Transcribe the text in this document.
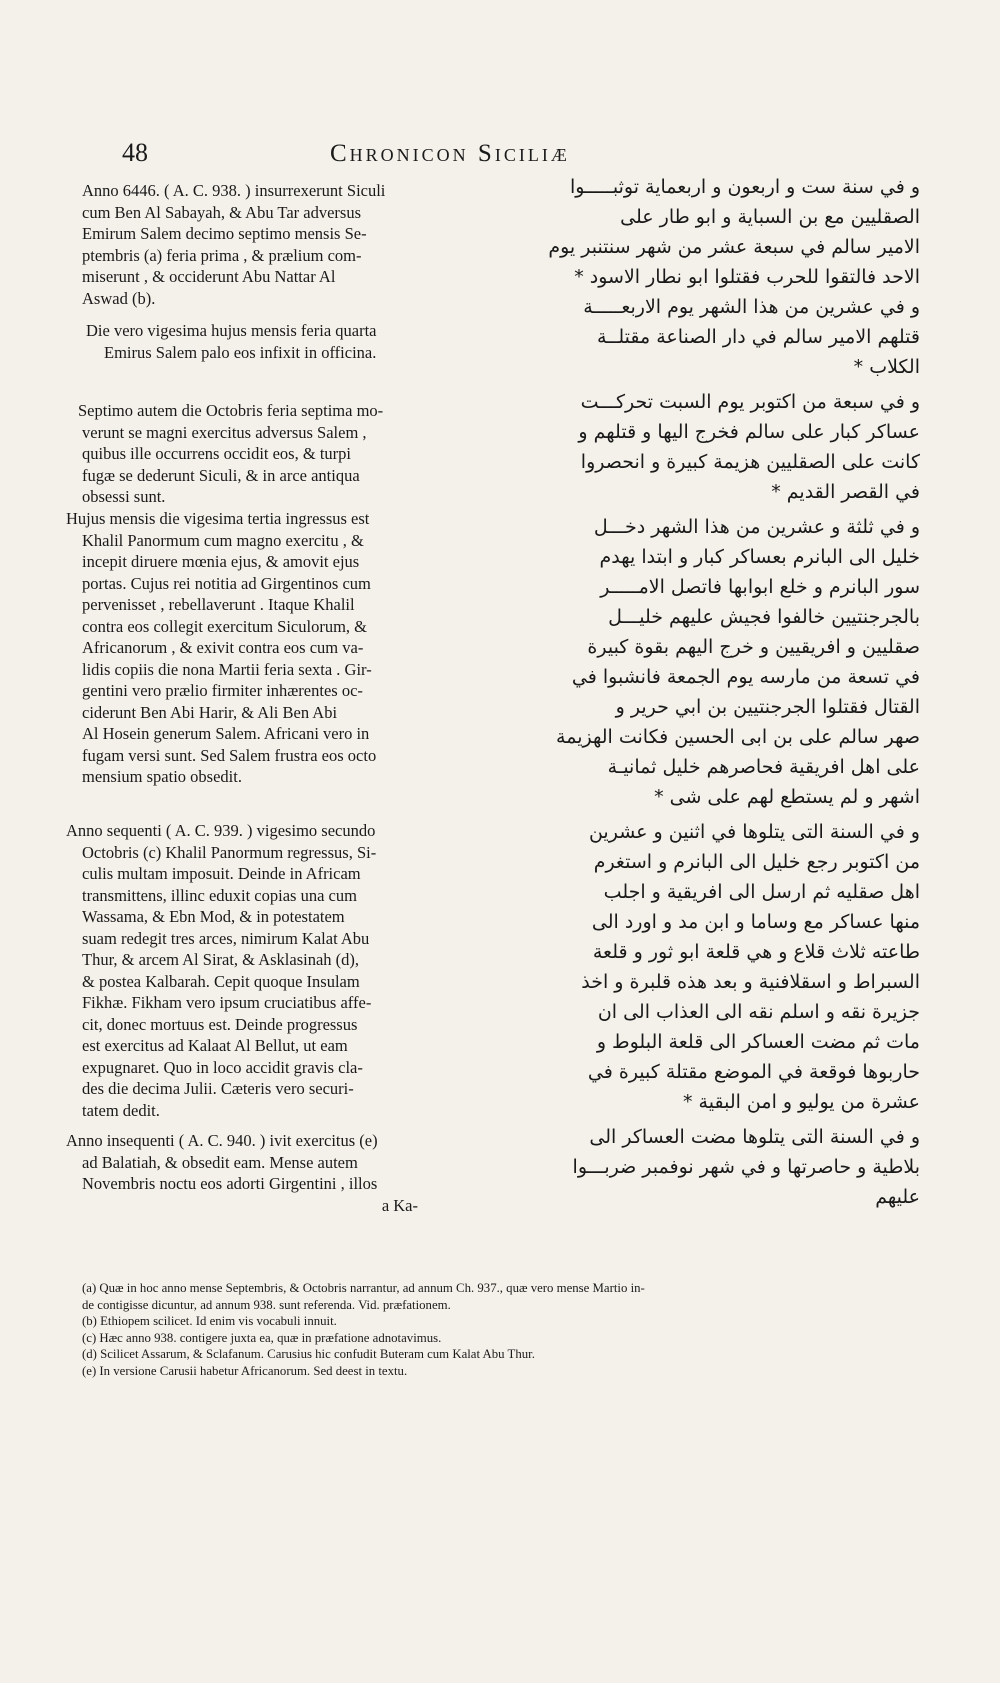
48	Chronicon Siciliæ
Anno 6446. ( A. C. 938. ) insurrexerunt Siculi
cum Ben Al Sabayah, & Abu Tar adversus
Emirum Salem decimo septimo mensis Se-
ptembris (a) feria prima , & prælium com-
miserunt , & occiderunt Abu Nattar Al
Aswad (b).
Die vero vigesima hujus mensis feria quarta
Emirus Salem palo eos infixit in officina.
Septimo autem die Octobris feria septima mo-
verunt se magni exercitus adversus Salem ,
quibus ille occurrens occidit eos, & turpi
fugæ se dederunt Siculi, & in arce antiqua
obsessi sunt.
Hujus mensis die vigesima tertia ingressus est
Khalil Panormum cum magno exercitu , &
incepit diruere mœnia ejus, & amovit ejus
portas. Cujus rei notitia ad Girgentinos cum
pervenisset , rebellaverunt . Itaque Khalil
contra eos collegit exercitum Siculorum, &
Africanorum , & exivit contra eos cum va-
lidis copiis die nona Martii feria sexta . Gir-
gentini vero prælio firmiter inhærentes oc-
ciderunt Ben Abi Harir, & Ali Ben Abi
Al Hosein generum Salem. Africani vero in
fugam versi sunt. Sed Salem frustra eos octo
mensium spatio obsedit.
Anno sequenti ( A. C. 939. ) vigesimo secundo
Octobris (c) Khalil Panormum regressus, Si-
culis multam imposuit. Deinde in Africam
transmittens, illinc eduxit copias una cum
Wassama, & Ebn Mod, & in potestatem
suam redegit tres arces, nimirum Kalat Abu
Thur, & arcem Al Sirat, & Asklasinah (d),
& postea Kalbarah. Cepit quoque Insulam
Fikhæ. Fikham vero ipsum cruciatibus affe-
cit, donec mortuus est. Deinde progressus
est exercitus ad Kalaat Al Bellut, ut eam
expugnaret. Quo in loco accidit gravis cla-
des die decima Julii. Cæteris vero securi-
tatem dedit.
Anno insequenti ( A. C. 940. ) ivit exercitus (e)
ad Balatiah, & obsedit eam. Mense autem
Novembris noctu eos adorti Girgentini , illos
a Ka-
و في سنة ست و اربعون و اربعماية توثبـــــوا
الصقليين مع بن السباية و ابو طار على
الامير سالم في سبعة عشر من شهر سنتنبر يوم
الاحد فالتقوا للحرب فقتلوا ابو نطار الاسود *
و في عشرين من هذا الشهر يوم الاربعـــــة
قتلهم الامير سالم في دار الصناعة مقتلــة
الكلاب *
و في سبعة من اكتوبر يوم السبت تحركـــت
عساكر كبار على سالم فخرج اليها و قتلهم و
كانت على الصقليين هزيمة كبيرة و انحصروا
في القصر القديم *
و في ثلثة و عشرين من هذا الشهر دخـــل
خليل الى البانرم بعساكر كبار و ابتدا يهدم
سور البانرم و خلع ابوابها فاتصل الامـــــر
بالجرجنتيين خالفوا فجيش عليهم خليـــل
صقليين و افريقيين و خرج اليهم بقوة كبيرة
في تسعة من مارسه يوم الجمعة فانشبوا في
القتال فقتلوا الجرجنتيين بن ابي حرير و
صهر سالم على بن ابى الحسين فكانت الهزيمة
على اهل افريقية فحاصرهم خليل ثمانيـة
اشهر و لم يستطع لهم على شى *
و في السنة التى يتلوها في اثنين و عشرين
من اكتوبر رجع خليل الى البانرم و استغرم
اهل صقليه ثم ارسل الى افريقية و اجلب
منها عساكر مع وساما و ابن مد و اورد الى
طاعته ثلاث قلاع و هي قلعة ابو ثور و قلعة
السبراط و اسقلافنية و بعد هذه قلبرة و اخذ
جزيرة نقه و اسلم نقه الى العذاب الى ان
مات ثم مضت العساكر الى قلعة البلوط و
حاربوها فوقعة في الموضع مقتلة كبيرة في
عشرة من يوليو و امن البقية *
و في السنة التى يتلوها مضت العساكر الى
بلاطية و حاصرتها و في شهر نوفمبر ضربـــوا
عليهم
(a) Quæ in hoc anno mense Septembris, & Octobris narrantur, ad annum Ch. 937., quæ vero mense Martio in-
de contigisse dicuntur, ad annum 938. sunt referenda. Vid. præfationem.
(b) Ethiopem scilicet. Id enim vis vocabuli innuit.
(c) Hæc anno 938. contigere juxta ea, quæ in præfatione adnotavimus.
(d) Scilicet Assarum, & Sclafanum. Carusius hic confudit Buteram cum Kalat Abu Thur.
(e) In versione Carusii habetur Africanorum. Sed deest in textu.
